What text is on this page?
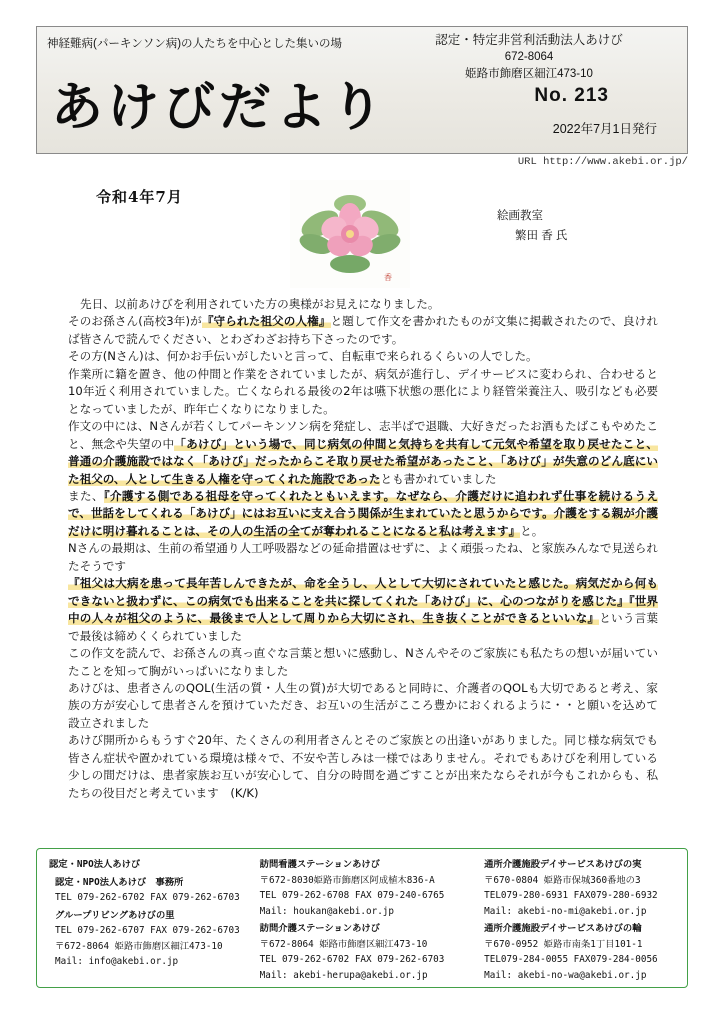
神経難病(パーキンソン病)の人たちを中心とした集いの場	認定・特定非営利活動法人あけび
672-8064
姫路市飾磨区細江473-10
あけびだより	No. 213
2022年7月1日発行
URL http://www.akebi.or.jp/
令和4年7月
香
絵画教室
繁田 香 氏

先日、以前あけびを利用されていた方の奥様がお見えになりました。

そのお孫さん(高校3年)が『守られた祖父の人権』と題して作文を書かれたものが文集に掲載されたので、良ければ皆さんで読んでください、とわざわざお持ち下さったのです。

その方(Nさん)は、何かお手伝いがしたいと言って、自転車で来られるくらいの人でした。

作業所に籍を置き、他の仲間と作業をされていましたが、病気が進行し、デイサービスに変わられ、合わせると10年近く利用されていました。亡くなられる最後の2年は嚥下状態の悪化により経管栄養注入、吸引なども必要となっていましたが、昨年亡くなりになりました。

作文の中には、Nさんが若くしてパーキンソン病を発症し、志半ばで退職、大好きだったお酒もたばこもやめたこと、無念や失望の中「あけび」という場で、同じ病気の仲間と気持ちを共有して元気や希望を取り戻せたこと、普通の介護施設ではなく「あけび」だったからこそ取り戻せた希望があったこと、「あけび」が失意のどん底にいた祖父の、人として生きる人権を守ってくれた施設であったとも書かれていました

また、『介護する側である祖母を守ってくれたともいえます。なぜなら、介護だけに追われず仕事を続けるうえで、世話をしてくれる「あけび」にはお互いに支え合う関係が生まれていたと思うからです。介護をする親が介護だけに明け暮れることは、その人の生活の全てが奪われることになると私は考えます』と。

Nさんの最期は、生前の希望通り人工呼吸器などの延命措置はせずに、よく頑張ったね、と家族みんなで見送られたそうです

『祖父は大病を患って長年苦しんできたが、命を全うし、人として大切にされていたと感じた。病気だから何もできないと扱わずに、この病気でも出来ることを共に探してくれた「あけび」に、心のつながりを感じた』『世界中の人々が祖父のように、最後まで人として周りから大切にされ、生き抜くことができるといいな』という言葉で最後は締めくくられていました

この作文を読んで、お孫さんの真っ直ぐな言葉と想いに感動し、Nさんやそのご家族にも私たちの想いが届いていたことを知って胸がいっぱいになりました

あけびは、患者さんのQOL(生活の質・人生の質)が大切であると同時に、介護者のQOLも大切であると考え、家族の方が安心して患者さんを預けていただき、お互いの生活がこころ豊かにおくれるように・・と願いを込めて設立されました

あけび開所からもうすぐ20年、たくさんの利用者さんとそのご家族との出逢いがありました。同じ様な病気でも皆さん症状や置かれている環境は様々で、不安や苦しみは一様ではありません。それでもあけびを利用している少しの間だけは、患者家族お互いが安心して、自分の時間を過ごすことが出来たならそれが今もこれからも、私たちの役目だと考えています　(K/K)

認定・NPO法人あけび
認定・NPO法人あけび　事務所
TEL 079-262-6702 FAX 079-262-6703
グループリビングあけびの里
TEL 079-262-6707 FAX 079-262-6703
〒672-8064 姫路市飾磨区細江473-10
Mail: info@akebi.or.jp
訪問看護ステーションあけび
〒672-8030姫路市飾磨区阿成植木836-A
TEL 079-262-6708 FAX 079-240-6765
Mail: houkan@akebi.or.jp
訪問介護ステーションあけび
〒672-8064 姫路市飾磨区細江473-10
TEL 079-262-6702 FAX 079-262-6703
Mail: akebi-herupa@akebi.or.jp
通所介護施設デイサービスあけびの実
〒670-0804 姫路市保城360番地の3
TEL079-280-6931 FAX079-280-6932
Mail: akebi-no-mi@akebi.or.jp
通所介護施設デイサービスあけびの輪
〒670-0952 姫路市南条1丁目101-1
TEL079-284-0055 FAX079-284-0056
Mail: akebi-no-wa@akebi.or.jp
